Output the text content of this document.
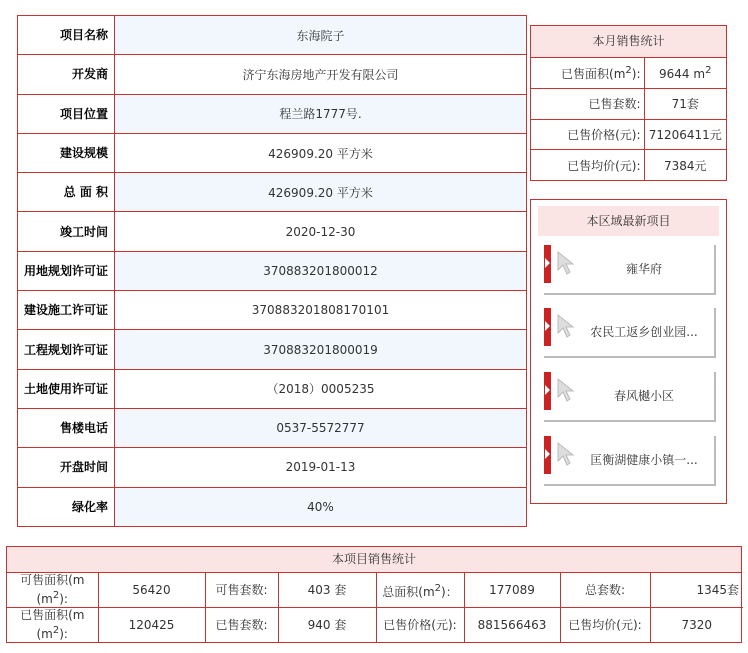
项目名称	东海院子
开发商	济宁东海房地产开发有限公司
项目位置	程兰路1777号.
建设规模	426909.20 平方米
总 面 积	426909.20 平方米
竣工时间	2020-12-30
用地规划许可证	370883201800012
建设施工许可证	370883201808170101
工程规划许可证	370883201800019
土地使用许可证	（2018）0005235
售楼电话	0537-5572777
开盘时间	2019-01-13
绿化率	40%
本月销售统计
已售面积$(m^2)$:	9644 $m^2$
已售套数:	71套
已售价格(元):	71206411元
已售均价(元):	7384元
本区域最新项目
雍华府
农民工返乡创业园...
春风樾小区
匡衡湖健康小镇一...
本项目销售统计
可售面积(m
$(m^2)$:	56420	可售套数:	403 套	总面积$(m^2)$：	177089	总套数:	1345套
已售面积(m
$(m^2)$:	120425	已售套数:	940 套	已售价格(元):	881566463	已售均价(元):	7320
